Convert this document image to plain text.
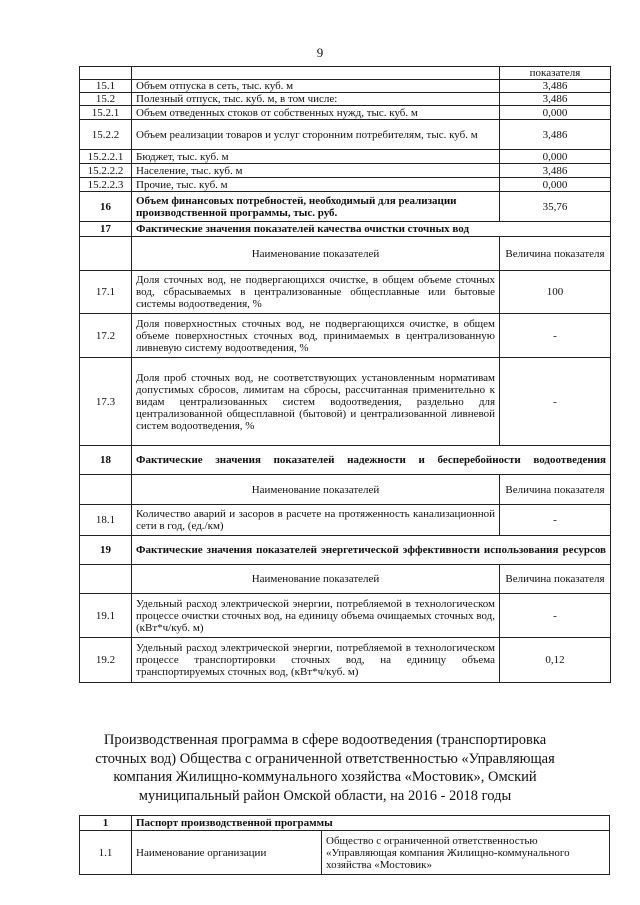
9
		показателя
15.1	Объем отпуска в сеть, тыс. куб. м	3,486
15.2	Полезный отпуск, тыс. куб. м, в том числе:	3,486
15.2.1	Объем отведенных стоков от собственных нужд, тыс. куб. м	0,000
15.2.2	Объем реализации товаров и услуг сторонним потребителям, тыс. куб. м	3,486
15.2.2.1	Бюджет, тыс. куб. м	0,000
15.2.2.2	Население, тыс. куб. м	3,486
15.2.2.3	Прочие, тыс. куб. м	0,000
16	Объем финансовых потребностей, необходимый для реализации производственной программы, тыс. руб.	35,76
17	Фактические значения показателей качества очистки сточных вод	
	Наименование показателей	Величина показателя
17.1	Доля сточных вод, не подвергающихся очистке, в общем объеме сточных вод, сбрасываемых в централизованные общесплавные или бытовые системы водоотведения, %	100
17.2	Доля поверхностных сточных вод, не подвергающихся очистке, в общем объеме поверхностных сточных вод, принимаемых в централизованную ливневую систему водоотведения, %	-
17.3	Доля проб сточных вод, не соответствующих установленным нормативам допустимых сбросов, лимитам на сбросы, рассчитанная применительно к видам централизованных систем водоотведения, раздельно для централизованной общесплавной (бытовой) и централизованной ливневой систем водоотведения, %	-
18	Фактические значения показателей надежности и бесперебойности водоотведения	
	Наименование показателей	Величина показателя
18.1	Количество аварий и засоров в расчете на протяженность канализационной сети в год, (ед./км)	-
19	Фактические значения показателей энергетической эффективности использования ресурсов	
	Наименование показателей	Величина показателя
19.1	Удельный расход электрической энергии, потребляемой в технологическом процессе очистки сточных вод, на единицу объема очищаемых сточных вод, (кВт*ч/куб. м)	-
19.2	Удельный расход электрической энергии, потребляемой в технологическом процессе транспортировки сточных вод, на единицу объема транспортируемых сточных вод, (кВт*ч/куб. м)	0,12
Производственная программа в сфере водоотведения (транспортировка сточных вод) Общества с ограниченной ответственностью «Управляющая компания Жилищно-коммунального хозяйства «Мостовик», Омский муниципальный район Омской области, на 2016 - 2018 годы
1	Паспорт производственной программы	
1.1	Наименование организации	Общество с ограниченной ответственностью «Управляющая компания Жилищно-коммунального хозяйства «Мостовик»
